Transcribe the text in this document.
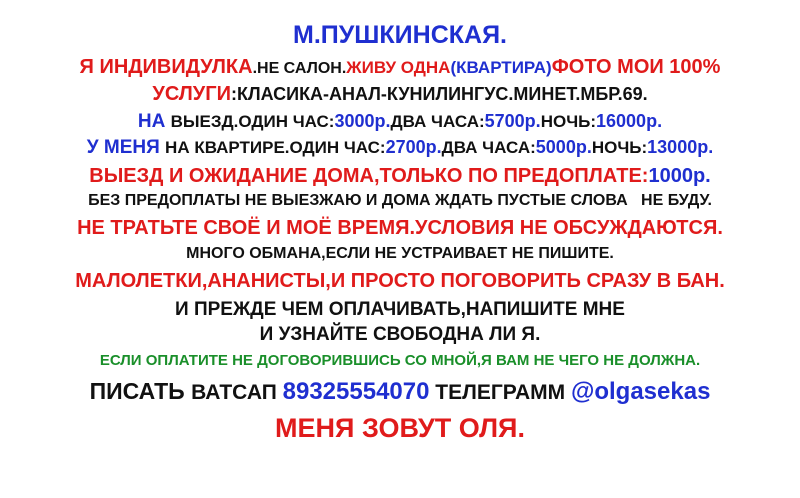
М.ПУШКИНСКАЯ.
Я ИНДИВИДУЛКА.НЕ САЛОН.ЖИВУ ОДНА(КВАРТИРА)ФОТО МОИ 100%
УСЛУГИ:КЛАСИКА-АНАЛ-КУНИЛИНГУС.МИНЕТ.МБР.69.
НА ВЫЕЗД.ОДИН ЧАС:3000р.ДВА ЧАСА:5700р.НОЧЬ:16000р.
У МЕНЯ НА КВАРТИРЕ.ОДИН ЧАС:2700р.ДВА ЧАСА:5000р.НОЧЬ:13000р.
ВЫЕЗД И ОЖИДАНИЕ ДОМА,ТОЛЬКО ПО ПРЕДОПЛАТЕ:1000р.
БЕЗ ПРЕДОПЛАТЫ НЕ ВЫЕЗЖАЮ И ДОМА ЖДАТЬ ПУСТЫЕ СЛОВА   НЕ БУДУ.
НЕ ТРАТЬТЕ СВОЁ И МОЁ ВРЕМЯ.УСЛОВИЯ НЕ ОБСУЖДАЮТСЯ.
МНОГО ОБМАНА,ЕСЛИ НЕ УСТРАИВАЕТ НЕ ПИШИТЕ.
МАЛОЛЕТКИ,АНАНИСТЫ,И ПРОСТО ПОГОВОРИТЬ СРАЗУ В БАН.
И ПРЕЖДЕ ЧЕМ ОПЛАЧИВАТЬ,НАПИШИТЕ МНЕ
И УЗНАЙТЕ СВОБОДНА ЛИ Я.
ЕСЛИ ОПЛАТИТЕ НЕ ДОГОВОРИВШИСЬ СО МНОЙ,Я ВАМ НЕ ЧЕГО НЕ ДОЛЖНА.
ПИСАТЬ ВАТСАП 89325554070 ТЕЛЕГРАММ @olgasekas
МЕНЯ ЗОВУТ ОЛЯ.
